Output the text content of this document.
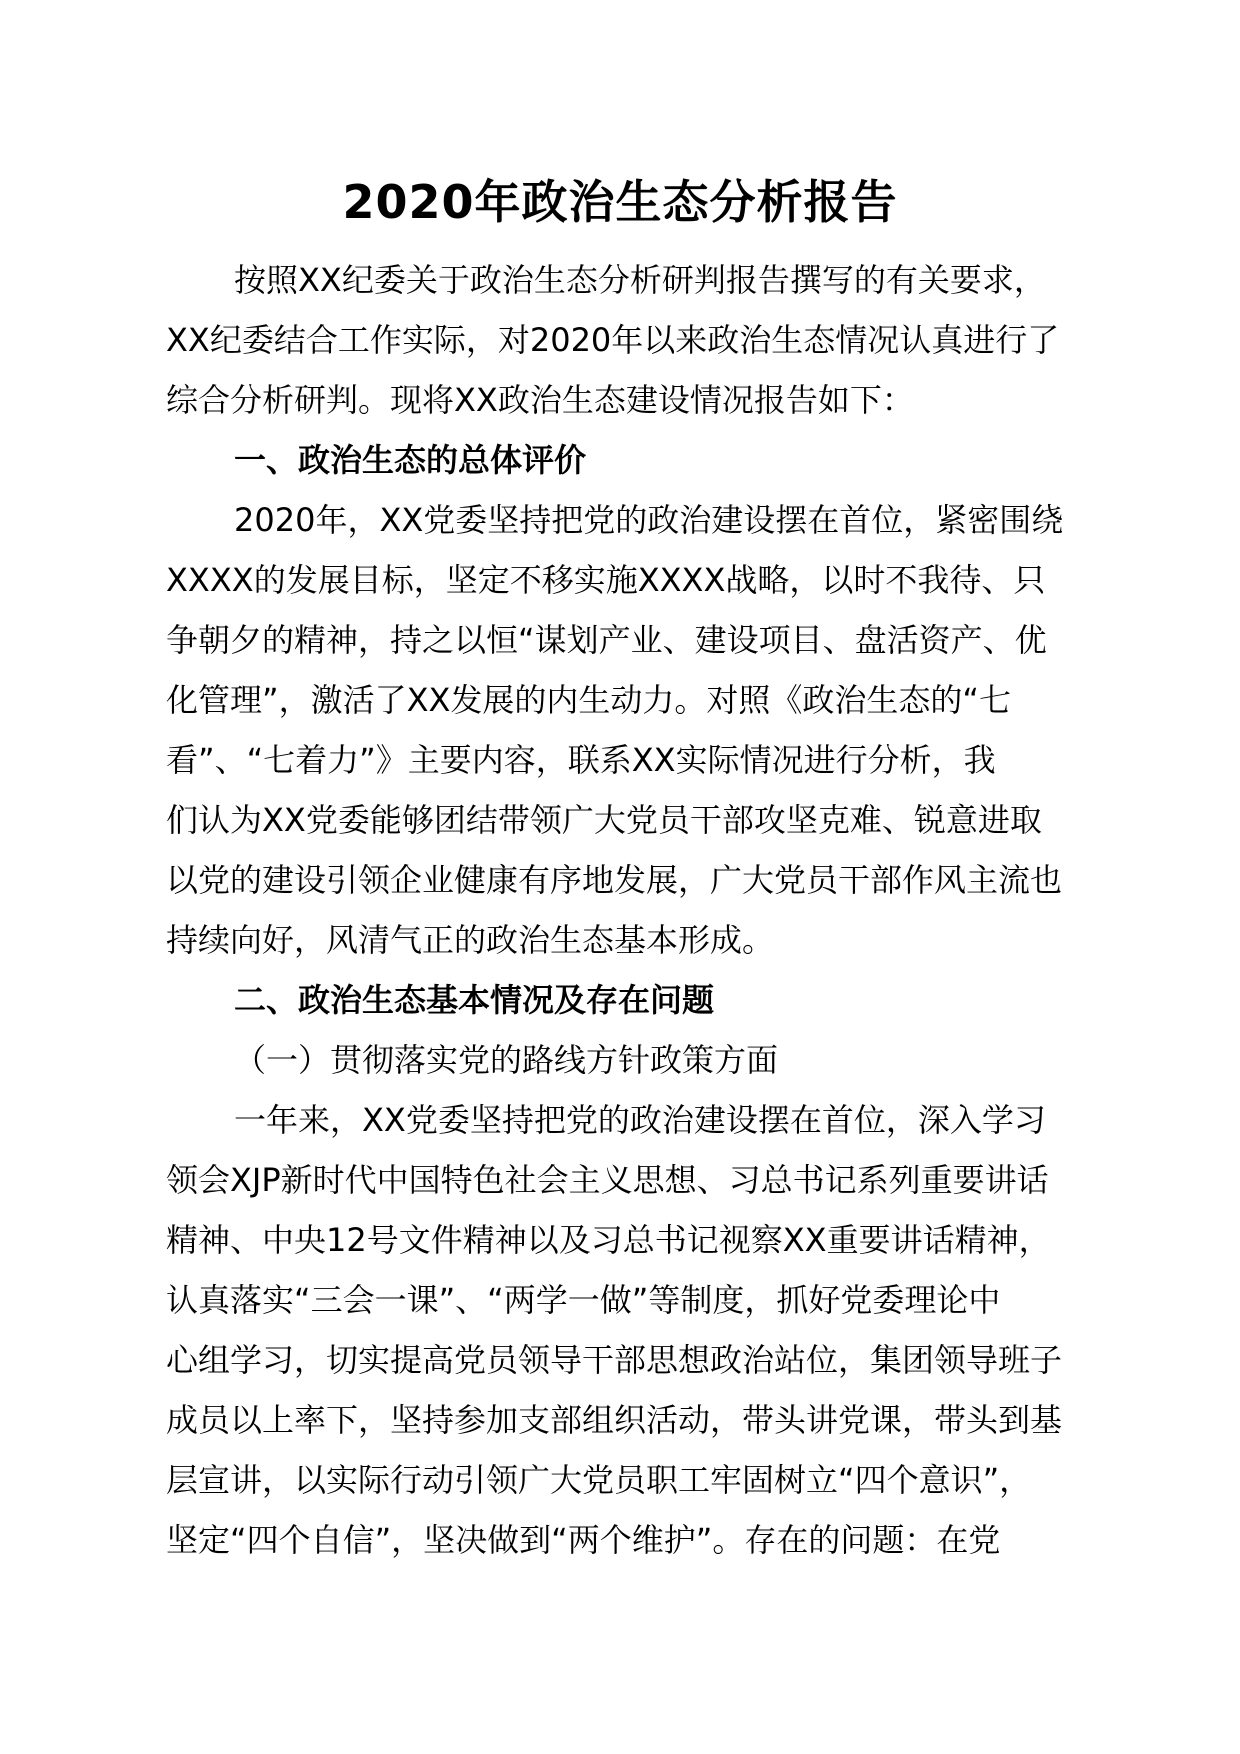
2020年政治生态分析报告
按照XX纪委关于政治生态分析研判报告撰写的有关要求，
XX纪委结合工作实际，对2020年以来政治生态情况认真进行了
综合分析研判。现将XX政治生态建设情况报告如下：
一、政治生态的总体评价
2020年，XX党委坚持把党的政治建设摆在首位，紧密围绕
XXXX的发展目标，坚定不移实施XXXX战略，以时不我待、只
争朝夕的精神，持之以恒“谋划产业、建设项目、盘活资产、优
化管理”，激活了XX发展的内生动力。对照《政治生态的“七
看”、“七着力”》主要内容，联系XX实际情况进行分析，我
们认为XX党委能够团结带领广大党员干部攻坚克难、锐意进取
以党的建设引领企业健康有序地发展，广大党员干部作风主流也
持续向好，风清气正的政治生态基本形成。
二、政治生态基本情况及存在问题
（一）贯彻落实党的路线方针政策方面
一年来，XX党委坚持把党的政治建设摆在首位，深入学习
领会XJP新时代中国特色社会主义思想、习总书记系列重要讲话
精神、中央12号文件精神以及习总书记视察XX重要讲话精神，
认真落实“三会一课”、“两学一做”等制度，抓好党委理论中
心组学习，切实提高党员领导干部思想政治站位，集团领导班子
成员以上率下，坚持参加支部组织活动，带头讲党课，带头到基
层宣讲，以实际行动引领广大党员职工牢固树立“四个意识”，
坚定“四个自信”，坚决做到“两个维护”。存在的问题：在党
